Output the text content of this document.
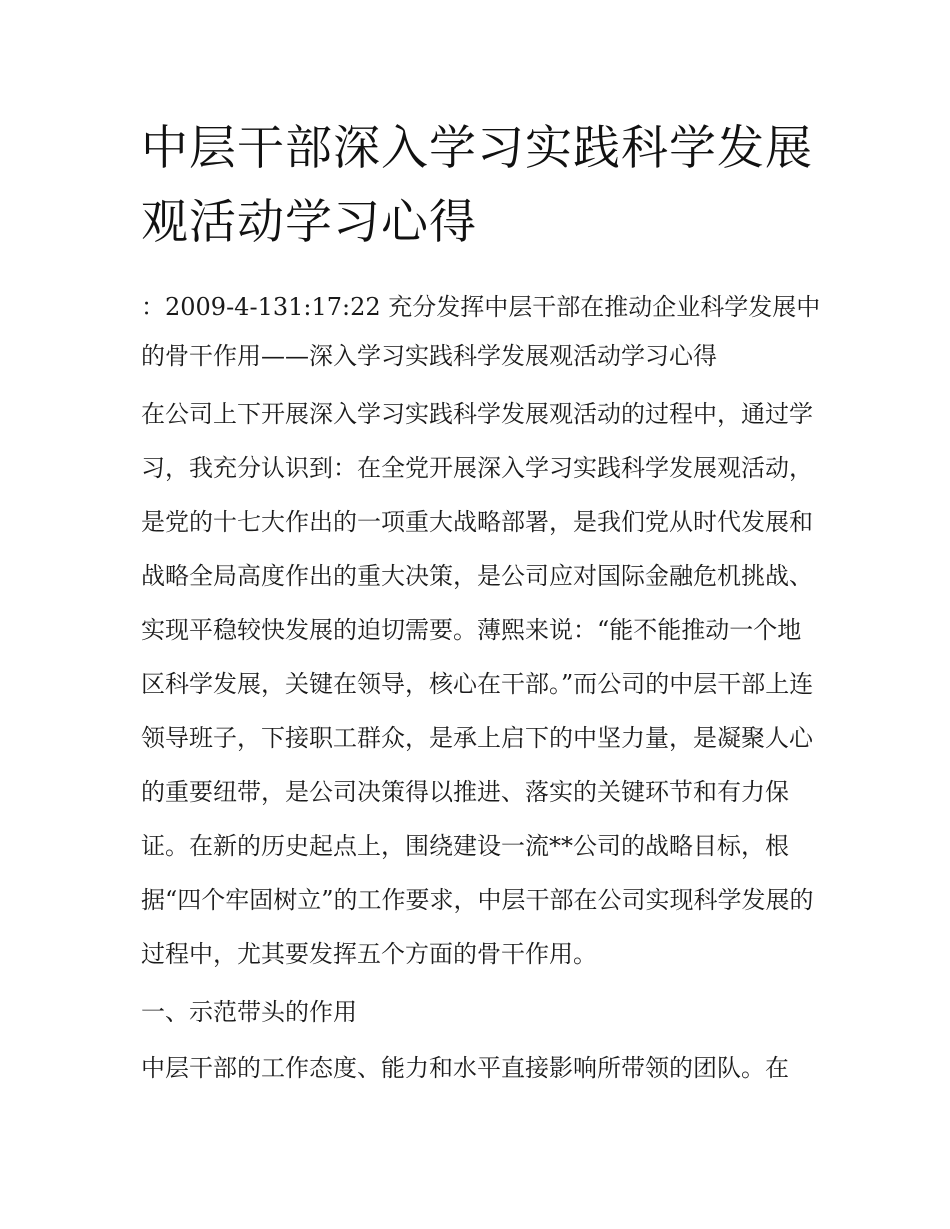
中层干部深入学习实践科学发展观活动学习心得

：2009-4-131:17:22 充分发挥中层干部在推动企业科学发展中的骨干作用——深入学习实践科学发展观活动学习心得

在公司上下开展深入学习实践科学发展观活动的过程中，通过学习，我充分认识到：在全党开展深入学习实践科学发展观活动，是党的十七大作出的一项重大战略部署，是我们党从时代发展和战略全局高度作出的重大决策，是公司应对国际金融危机挑战、实现平稳较快发展的迫切需要。薄熙来说：“能不能推动一个地区科学发展，关键在领导，核心在干部。”而公司的中层干部上连领导班子，下接职工群众，是承上启下的中坚力量，是凝聚人心的重要纽带，是公司决策得以推进、落实的关键环节和有力保证。在新的历史起点上，围绕建设一流**公司的战略目标，根据“四个牢固树立”的工作要求，中层干部在公司实现科学发展的过程中，尤其要发挥五个方面的骨干作用。

一、示范带头的作用

中层干部的工作态度、能力和水平直接影响所带领的团队。在
